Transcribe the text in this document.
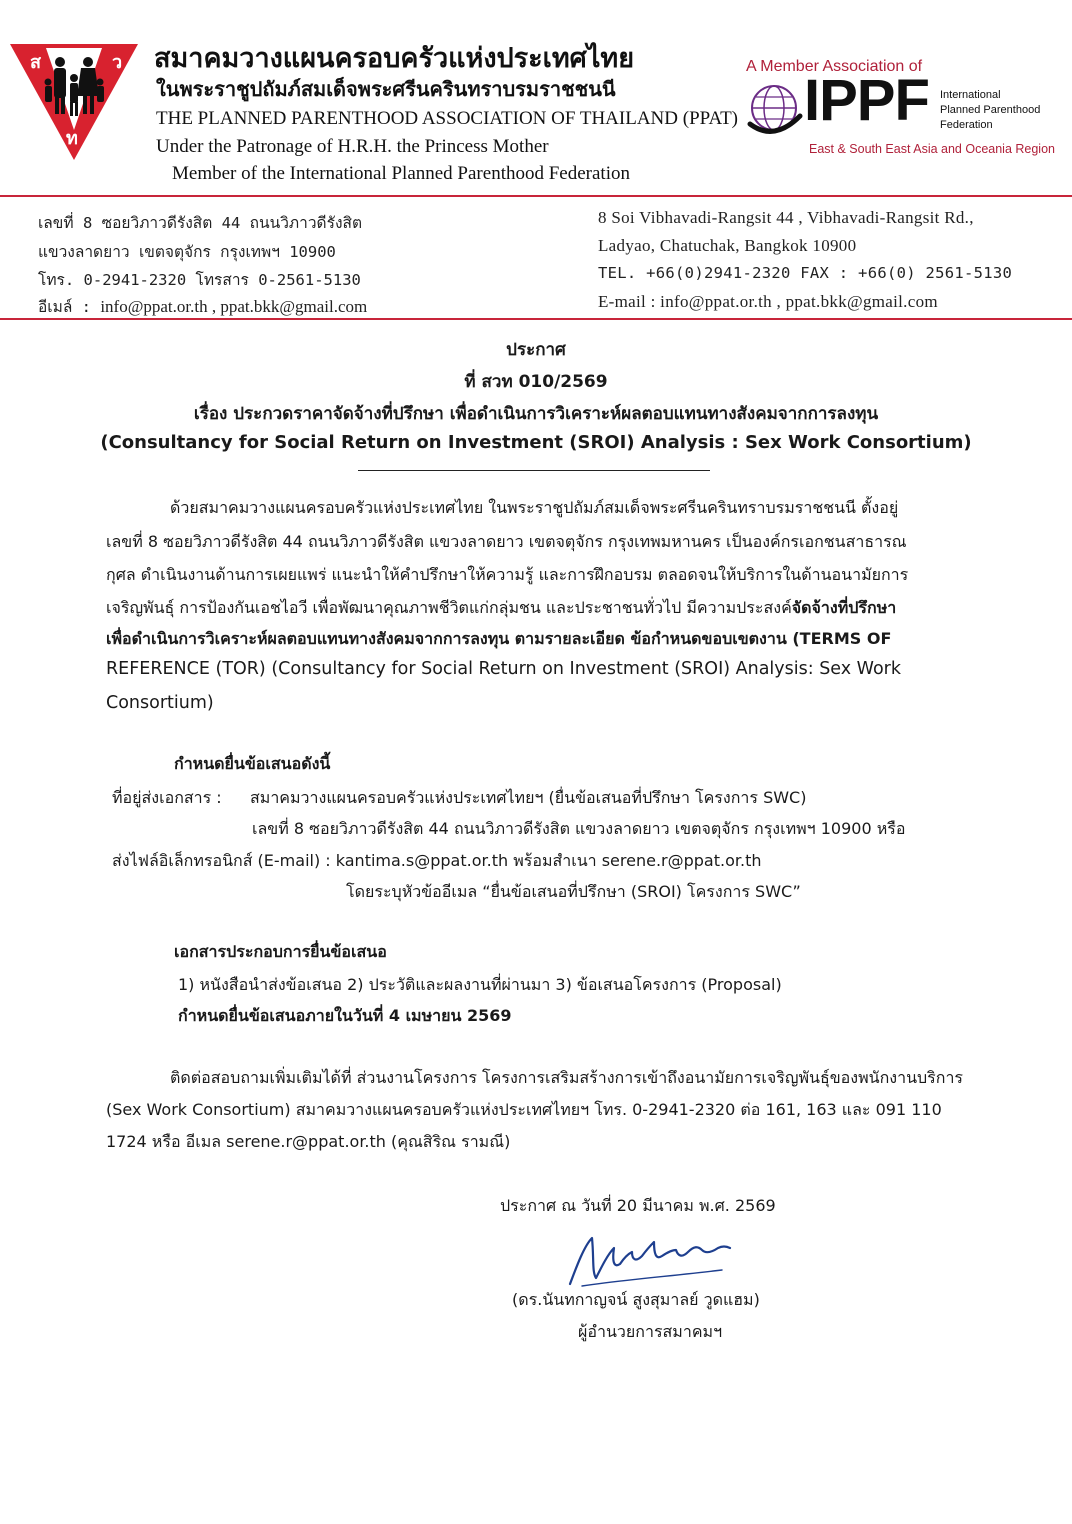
ส	ว
ท
สมาคมวางแผนครอบครัวแห่งประเทศไทย
ในพระราชูปถัมภ์สมเด็จพระศรีนครินทราบรมราชชนนี
THE PLANNED PARENTHOOD ASSOCIATION OF THAILAND (PPAT)
Under the Patronage of H.R.H. the Princess Mother
Member of the International Planned Parenthood Federation
A Member Association of
IPPF International
Planned Parenthood
Federation
East & South East Asia and Oceania Region
เลขที่ 8 ซอยวิภาวดีรังสิต 44 ถนนวิภาวดีรังสิต
แขวงลาดยาว เขตจตุจักร กรุงเทพฯ 10900
โทร. 0-2941-2320 โทรสาร 0-2561-5130
อีเมล์ : info@ppat.or.th , ppat.bkk@gmail.com
8 Soi Vibhavadi-Rangsit 44 , Vibhavadi-Rangsit Rd.,
Ladyao, Chatuchak, Bangkok 10900
TEL. +66(0)2941-2320 FAX : +66(0) 2561-5130
E-mail : info@ppat.or.th , ppat.bkk@gmail.com
ประกาศ
ที่ สวท 010/2569
เรื่อง ประกวดราคาจัดจ้างที่ปรึกษา เพื่อดำเนินการวิเคราะห์ผลตอบแทนทางสังคมจากการลงทุน
(Consultancy for Social Return on Investment (SROI) Analysis : Sex Work Consortium)
ด้วยสมาคมวางแผนครอบครัวแห่งประเทศไทย ในพระราชูปถัมภ์สมเด็จพระศรีนครินทราบรมราชชนนี ตั้งอยู่
เลขที่ 8 ซอยวิภาวดีรังสิต 44 ถนนวิภาวดีรังสิต แขวงลาดยาว เขตจตุจักร กรุงเทพมหานคร เป็นองค์กรเอกชนสาธารณ
กุศล ดำเนินงานด้านการเผยแพร่ แนะนำให้คำปรึกษาให้ความรู้ และการฝึกอบรม ตลอดจนให้บริการในด้านอนามัยการ
เจริญพันธุ์ การป้องกันเอชไอวี เพื่อพัฒนาคุณภาพชีวิตแก่กลุ่มชน และประชาชนทั่วไป มีความประสงค์จัดจ้างที่ปรึกษา
เพื่อดำเนินการวิเคราะห์ผลตอบแทนทางสังคมจากการลงทุน ตามรายละเอียด ข้อกำหนดขอบเขตงาน (TERMS OF
REFERENCE (TOR) (Consultancy for Social Return on Investment (SROI) Analysis: Sex Work
Consortium)
กำหนดยื่นข้อเสนอดังนี้
ที่อยู่ส่งเอกสาร : สมาคมวางแผนครอบครัวแห่งประเทศไทยฯ (ยื่นข้อเสนอที่ปรึกษา โครงการ SWC)
เลขที่ 8 ซอยวิภาวดีรังสิต 44 ถนนวิภาวดีรังสิต แขวงลาดยาว เขตจตุจักร กรุงเทพฯ 10900 หรือ
ส่งไฟล์อิเล็กทรอนิกส์ (E-mail) : kantima.s@ppat.or.th พร้อมสำเนา serene.r@ppat.or.th
โดยระบุหัวข้ออีเมล “ยื่นข้อเสนอที่ปรึกษา (SROI) โครงการ SWC”
เอกสารประกอบการยื่นข้อเสนอ
1) หนังสือนำส่งข้อเสนอ 2) ประวัติและผลงานที่ผ่านมา 3) ข้อเสนอโครงการ (Proposal)
กำหนดยื่นข้อเสนอภายในวันที่ 4 เมษายน 2569
ติดต่อสอบถามเพิ่มเติมได้ที่ ส่วนงานโครงการ โครงการเสริมสร้างการเข้าถึงอนามัยการเจริญพันธุ์ของพนักงานบริการ
(Sex Work Consortium) สมาคมวางแผนครอบครัวแห่งประเทศไทยฯ โทร. 0-2941-2320 ต่อ 161, 163 และ 091 110
1724 หรือ อีเมล serene.r@ppat.or.th (คุณสิริณ รามณี)
ประกาศ ณ วันที่ 20 มีนาคม พ.ศ. 2569
(ดร.นันทกาญจน์ สูงสุมาลย์ วูดแฮม)
ผู้อำนวยการสมาคมฯ
